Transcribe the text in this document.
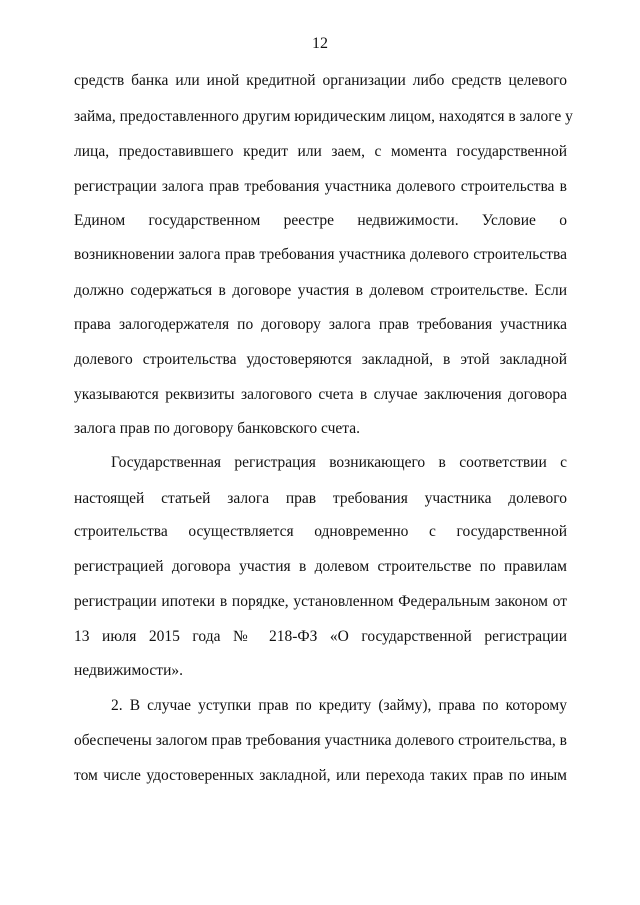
12
средств банка или иной кредитной организации либо средств целевого
займа, предоставленного другим юридическим лицом, находятся в залоге у
лица, предоставившего кредит или заем, с момента государственной
регистрации залога прав требования участника долевого строительства в
Едином государственном реестре недвижимости. Условие о
возникновении залога прав требования участника долевого строительства
должно содержаться в договоре участия в долевом строительстве. Если
права залогодержателя по договору залога прав требования участника
долевого строительства удостоверяются закладной, в этой закладной
указываются реквизиты залогового счета в случае заключения договора
залога прав по договору банковского счета.
Государственная регистрация возникающего в соответствии с
настоящей статьей залога прав требования участника долевого
строительства осуществляется одновременно с государственной
регистрацией договора участия в долевом строительстве по правилам
регистрации ипотеки в порядке, установленном Федеральным законом от
13 июля 2015 года № 218-ФЗ «О государственной регистрации
недвижимости».
2. В случае уступки прав по кредиту (займу), права по которому
обеспечены залогом прав требования участника долевого строительства, в
том числе удостоверенных закладной, или перехода таких прав по иным
